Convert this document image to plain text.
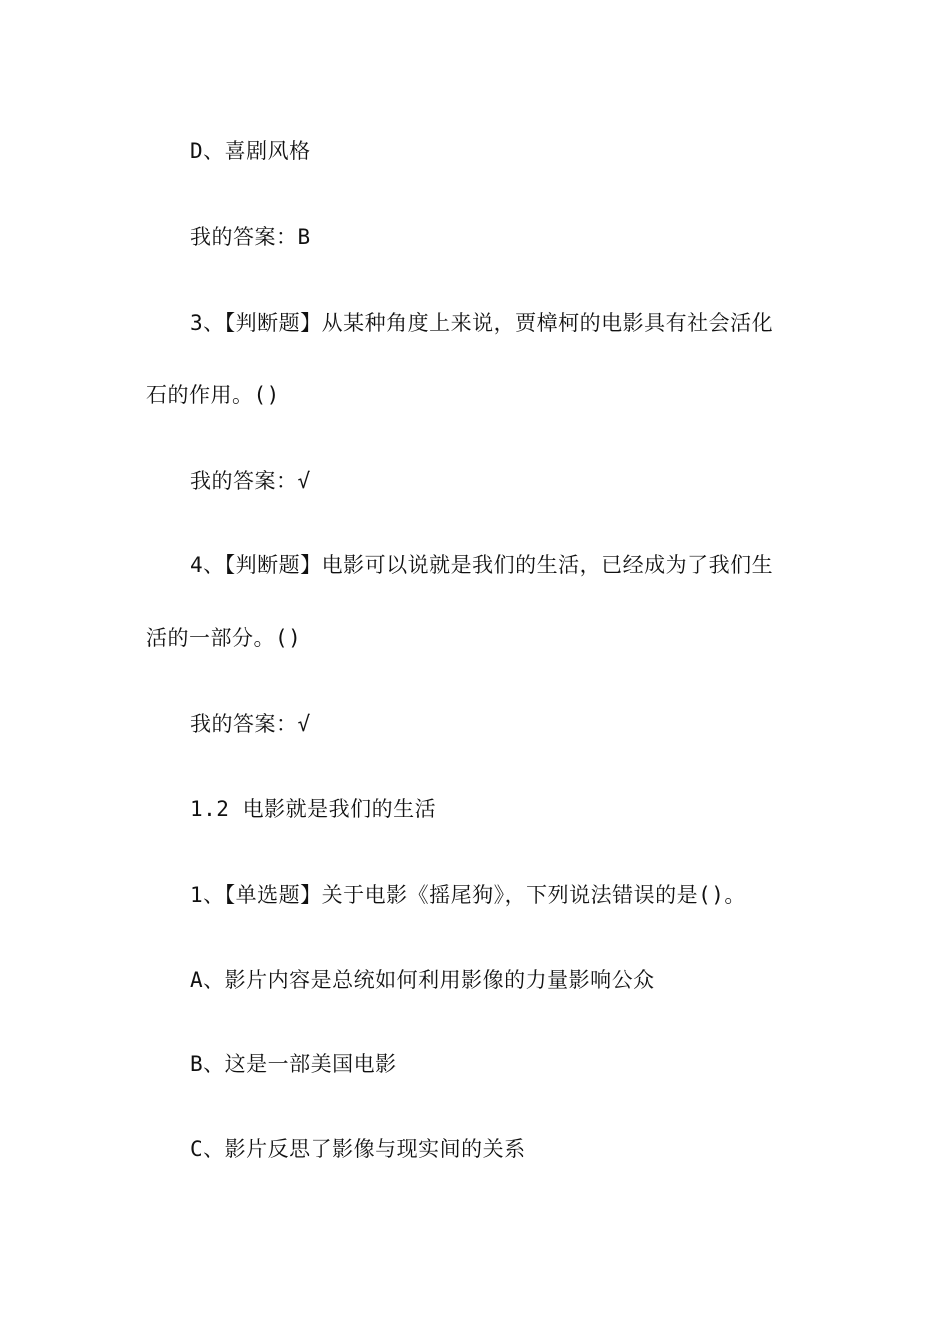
D、喜剧风格
我的答案：B
3、【判断题】从某种角度上来说，贾樟柯的电影具有社会活化
石的作用。()
我的答案：√
4、【判断题】电影可以说就是我们的生活，已经成为了我们生
活的一部分。()
我的答案：√
1.2 电影就是我们的生活
1、【单选题】关于电影《摇尾狗》，下列说法错误的是()。
A、影片内容是总统如何利用影像的力量影响公众
B、这是一部美国电影
C、影片反思了影像与现实间的关系
